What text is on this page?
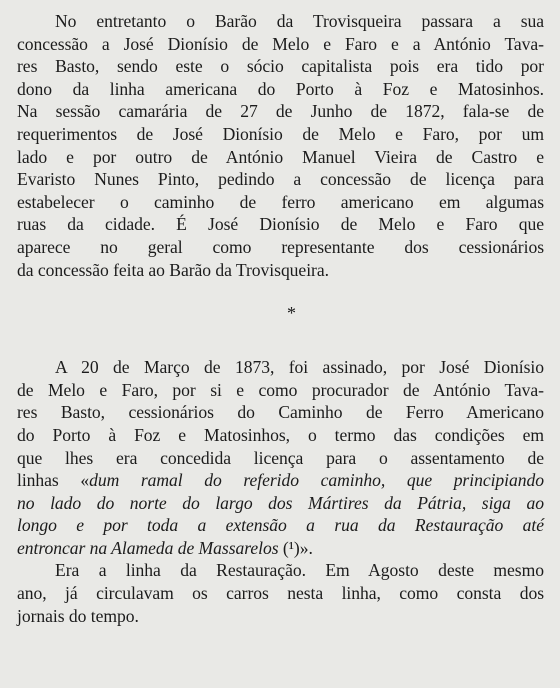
No entretanto o Barão da Trovisqueira passara a sua
concessão a José Dionísio de Melo e Faro e a António Tava-
res Basto, sendo este o sócio capitalista pois era tido por
dono da linha americana do Porto à Foz e Matosinhos.
Na sessão camarária de 27 de Junho de 1872, fala-se de
requerimentos de José Dionísio de Melo e Faro, por um
lado e por outro de António Manuel Vieira de Castro e
Evaristo Nunes Pinto, pedindo a concessão de licença para
estabelecer o caminho de ferro americano em algumas
ruas da cidade. É José Dionísio de Melo e Faro que
aparece no geral como representante dos cessionários
da concessão feita ao Barão da Trovisqueira.

*

A 20 de Março de 1873, foi assinado, por José Dionísio
de Melo e Faro, por si e como procurador de António Tava-
res Basto, cessionários do Caminho de Ferro Americano
do Porto à Foz e Matosinhos, o termo das condições em
que lhes era concedida licença para o assentamento de
linhas «dum ramal do referido caminho, que principiando
no lado do norte do largo dos Mártires da Pátria, siga ao
longo e por toda a extensão a rua da Restauração até
entroncar na Alameda de Massarelos (¹)».

Era a linha da Restauração. Em Agosto deste mesmo
ano, já circulavam os carros nesta linha, como consta dos
jornais do tempo.
